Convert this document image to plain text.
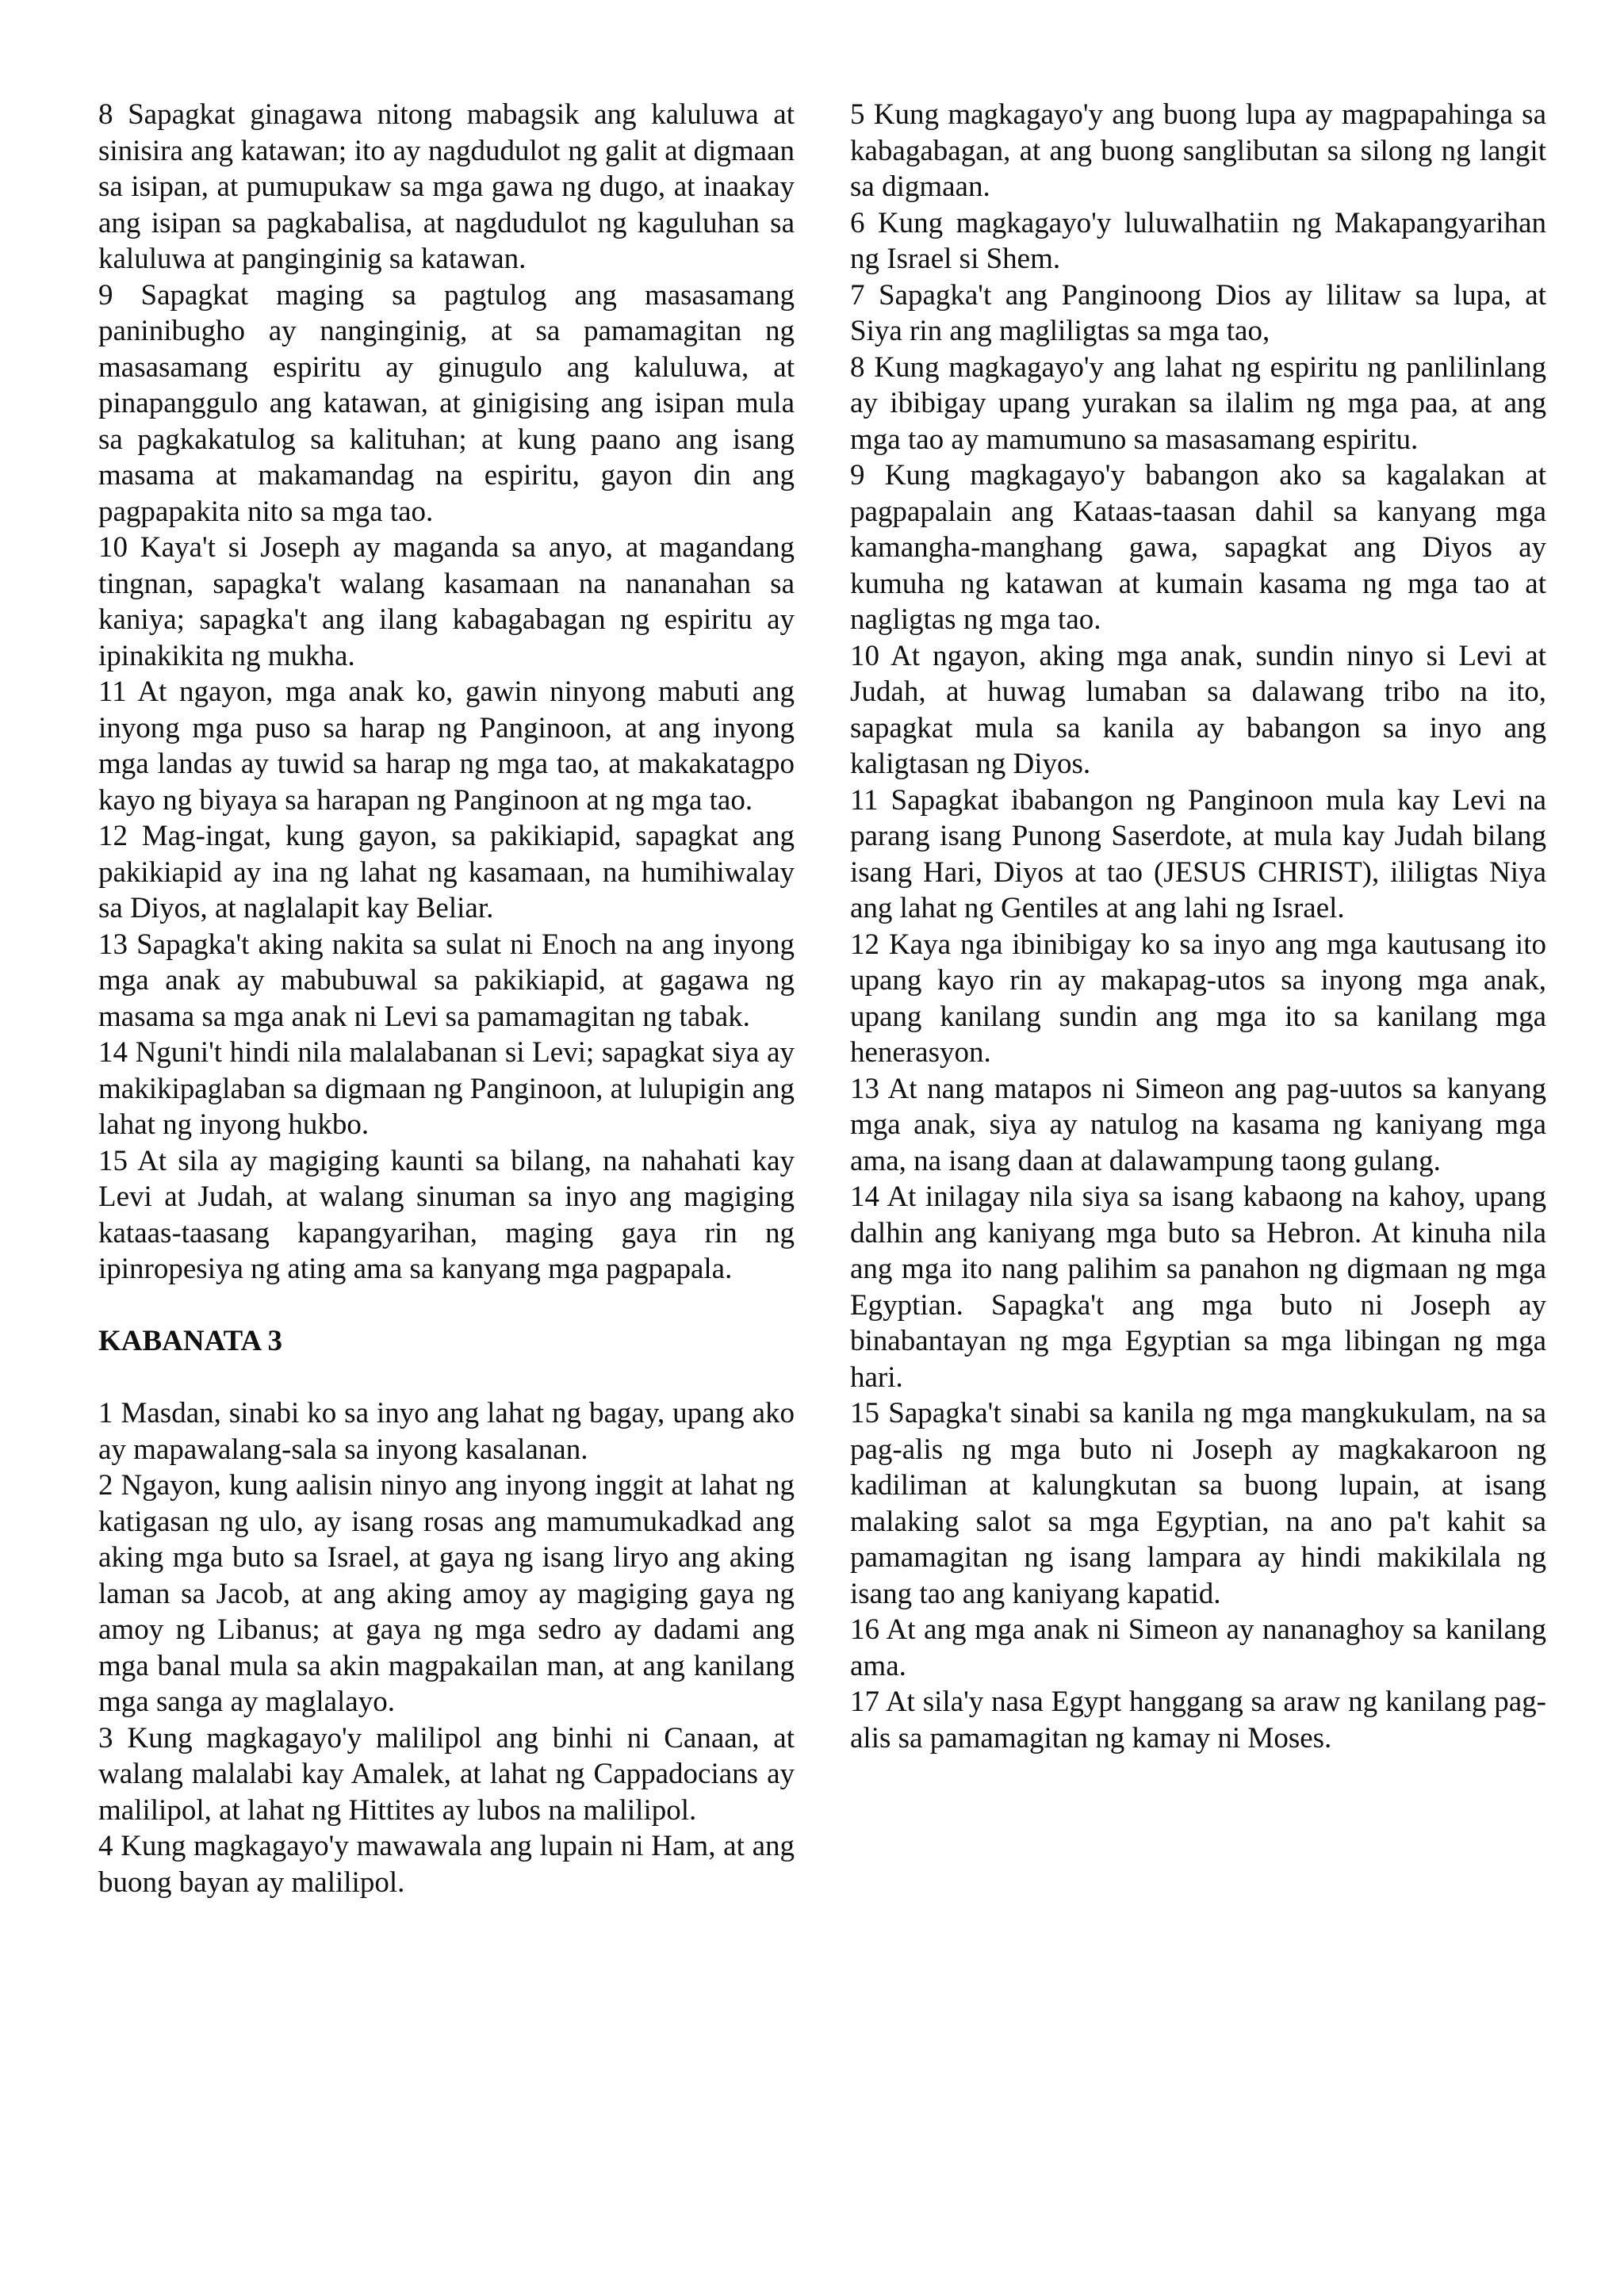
8 Sapagkat ginagawa nitong mabagsik ang kaluluwa at sinisira ang katawan; ito ay nagdudulot ng galit at digmaan sa isipan, at pumupukaw sa mga gawa ng dugo, at inaakay ang isipan sa pagkabalisa, at nagdudulot ng kaguluhan sa kaluluwa at panginginig sa katawan.

9 Sapagkat maging sa pagtulog ang masasamang paninibugho ay nanginginig, at sa pamamagitan ng masasamang espiritu ay ginugulo ang kaluluwa, at pinapanggulo ang katawan, at ginigising ang isipan mula sa pagkakatulog sa kalituhan; at kung paano ang isang masama at makamandag na espiritu, gayon din ang pagpapakita nito sa mga tao.

10 Kaya't si Joseph ay maganda sa anyo, at magandang tingnan, sapagka't walang kasamaan na nananahan sa kaniya; sapagka't ang ilang kabagabagan ng espiritu ay ipinakikita ng mukha.

11 At ngayon, mga anak ko, gawin ninyong mabuti ang inyong mga puso sa harap ng Panginoon, at ang inyong mga landas ay tuwid sa harap ng mga tao, at makakatagpo kayo ng biyaya sa harapan ng Panginoon at ng mga tao.

12 Mag-ingat, kung gayon, sa pakikiapid, sapagkat ang pakikiapid ay ina ng lahat ng kasamaan, na humihiwalay sa Diyos, at naglalapit kay Beliar.

13 Sapagka't aking nakita sa sulat ni Enoch na ang inyong mga anak ay mabubuwal sa pakikiapid, at gagawa ng masama sa mga anak ni Levi sa pamamagitan ng tabak.

14 Nguni't hindi nila malalabanan si Levi; sapagkat siya ay makikipaglaban sa digmaan ng Panginoon, at lulupigin ang lahat ng inyong hukbo.

15 At sila ay magiging kaunti sa bilang, na nahahati kay Levi at Judah, at walang sinuman sa inyo ang magiging kataas-taasang kapangyarihan, maging gaya rin ng ipinropesiya ng ating ama sa kanyang mga pagpapala.

KABANATA 3

1 Masdan, sinabi ko sa inyo ang lahat ng bagay, upang ako ay mapawalang-sala sa inyong kasalanan.

2 Ngayon, kung aalisin ninyo ang inyong inggit at lahat ng katigasan ng ulo, ay isang rosas ang mamumukadkad ang aking mga buto sa Israel, at gaya ng isang liryo ang aking laman sa Jacob, at ang aking amoy ay magiging gaya ng amoy ng Libanus; at gaya ng mga sedro ay dadami ang mga banal mula sa akin magpakailan man, at ang kanilang mga sanga ay maglalayo.

3 Kung magkagayo'y malilipol ang binhi ni Canaan, at walang malalabi kay Amalek, at lahat ng Cappadocians ay malilipol, at lahat ng Hittites ay lubos na malilipol.

4 Kung magkagayo'y mawawala ang lupain ni Ham, at ang buong bayan ay malilipol.

5 Kung magkagayo'y ang buong lupa ay magpapahinga sa kabagabagan, at ang buong sanglibutan sa silong ng langit sa digmaan.

6 Kung magkagayo'y luluwalhatiin ng Makapangyarihan ng Israel si Shem.

7 Sapagka't ang Panginoong Dios ay lilitaw sa lupa, at Siya rin ang magliligtas sa mga tao,

8 Kung magkagayo'y ang lahat ng espiritu ng panlilinlang ay ibibigay upang yurakan sa ilalim ng mga paa, at ang mga tao ay mamumuno sa masasamang espiritu.

9 Kung magkagayo'y babangon ako sa kagalakan at pagpapalain ang Kataas-taasan dahil sa kanyang mga kamangha-manghang gawa, sapagkat ang Diyos ay kumuha ng katawan at kumain kasama ng mga tao at nagligtas ng mga tao.

10 At ngayon, aking mga anak, sundin ninyo si Levi at Judah, at huwag lumaban sa dalawang tribo na ito, sapagkat mula sa kanila ay babangon sa inyo ang kaligtasan ng Diyos.

11 Sapagkat ibabangon ng Panginoon mula kay Levi na parang isang Punong Saserdote, at mula kay Judah bilang isang Hari, Diyos at tao (JESUS CHRIST), ililigtas Niya ang lahat ng Gentiles at ang lahi ng Israel.

12 Kaya nga ibinibigay ko sa inyo ang mga kautusang ito upang kayo rin ay makapag-utos sa inyong mga anak, upang kanilang sundin ang mga ito sa kanilang mga henerasyon.

13 At nang matapos ni Simeon ang pag-uutos sa kanyang mga anak, siya ay natulog na kasama ng kaniyang mga ama, na isang daan at dalawampung taong gulang.

14 At inilagay nila siya sa isang kabaong na kahoy, upang dalhin ang kaniyang mga buto sa Hebron. At kinuha nila ang mga ito nang palihim sa panahon ng digmaan ng mga Egyptian. Sapagka't ang mga buto ni Joseph ay binabantayan ng mga Egyptian sa mga libingan ng mga hari.

15 Sapagka't sinabi sa kanila ng mga mangkukulam, na sa pag-alis ng mga buto ni Joseph ay magkakaroon ng kadiliman at kalungkutan sa buong lupain, at isang malaking salot sa mga Egyptian, na ano pa't kahit sa pamamagitan ng isang lampara ay hindi makikilala ng isang tao ang kaniyang kapatid.

16 At ang mga anak ni Simeon ay nananaghoy sa kanilang ama.

17 At sila'y nasa Egypt hanggang sa araw ng kanilang pag-alis sa pamamagitan ng kamay ni Moses.
